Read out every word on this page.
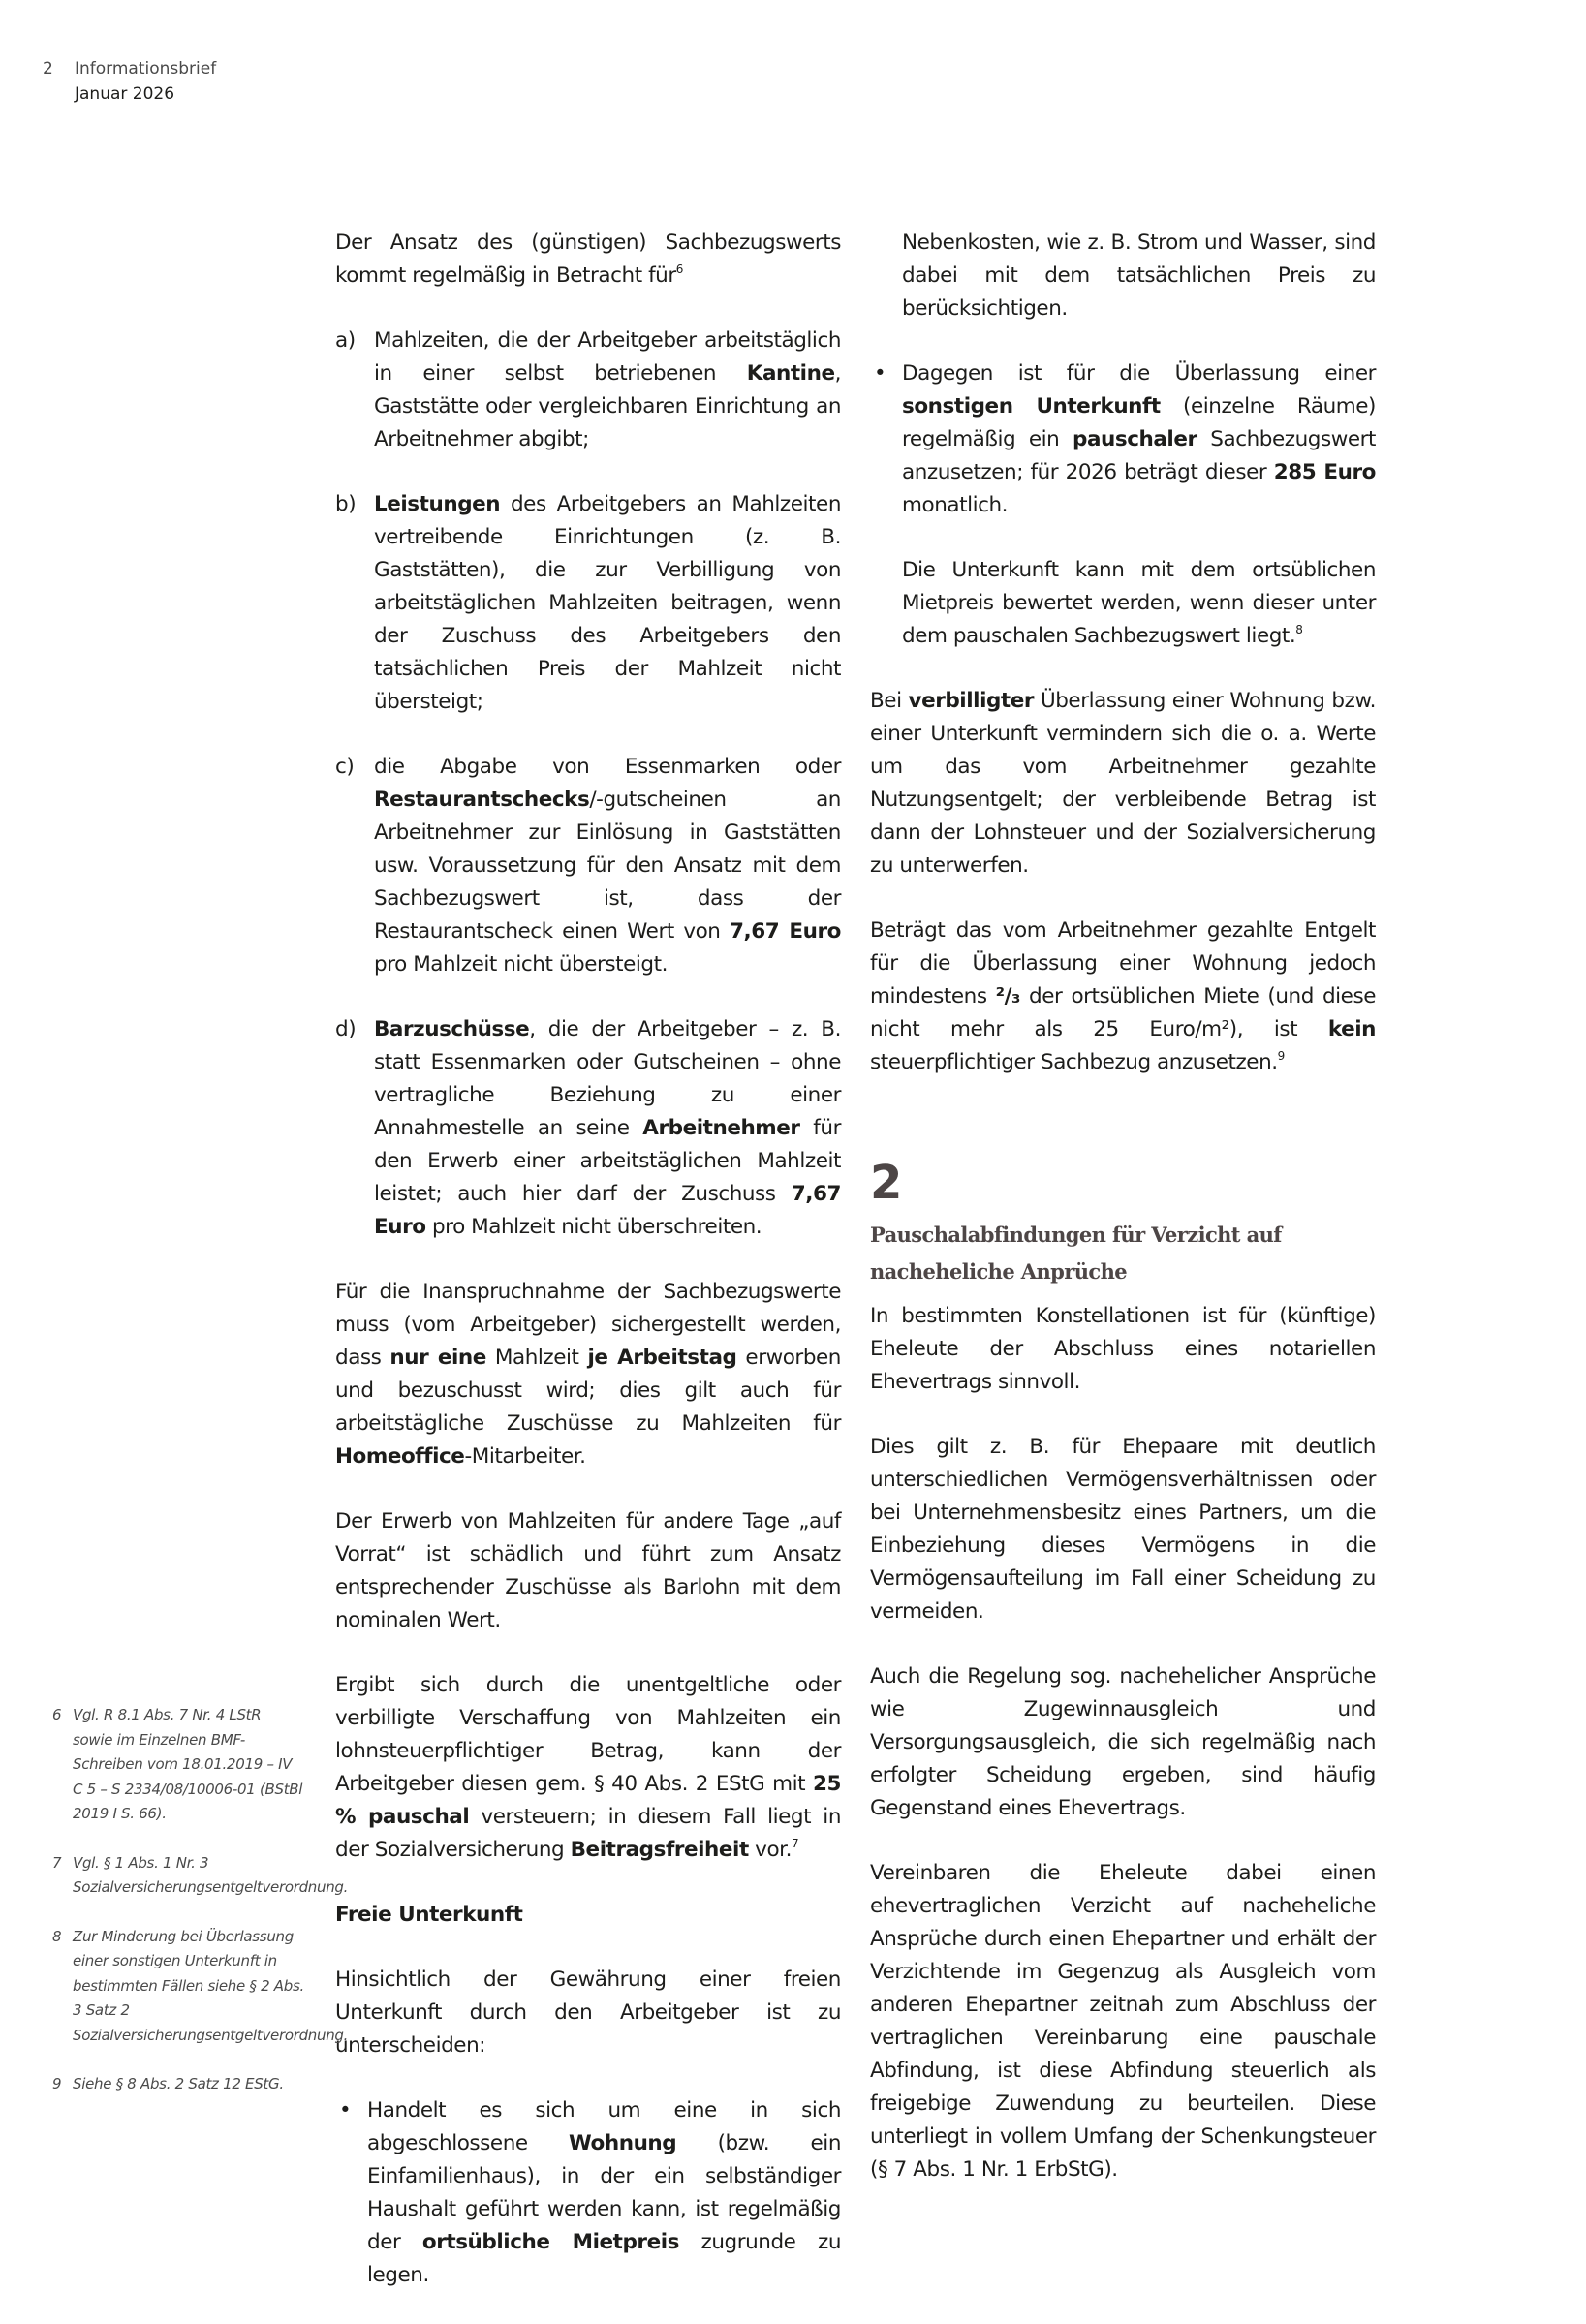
2 Informationsbrief
Januar 2026

Der Ansatz des (günstigen) Sachbezugswerts kommt regelmäßig in Betracht für$^6$

a) Mahlzeiten, die der Arbeitgeber arbeitstäglich in einer selbst betriebenen Kantine, Gaststätte oder vergleichbaren Einrichtung an Arbeitnehmer abgibt;
b) Leistungen des Arbeitgebers an Mahlzeiten vertreibende Einrichtungen (z. B. Gaststätten), die zur Verbilligung von arbeitstäglichen Mahlzeiten beitragen, wenn der Zuschuss des Arbeitgebers den tatsächlichen Preis der Mahlzeit nicht übersteigt;
c) die Abgabe von Essenmarken oder Restaurantschecks/-gutscheinen an Arbeitnehmer zur Einlösung in Gaststätten usw. Voraussetzung für den Ansatz mit dem Sachbezugswert ist, dass der Restaurantscheck einen Wert von 7,67 Euro pro Mahlzeit nicht übersteigt.
d) Barzuschüsse, die der Arbeitgeber – z. B. statt Essenmarken oder Gutscheinen – ohne vertragliche Beziehung zu einer Annahmestelle an seine Arbeitnehmer für den Erwerb einer arbeitstäglichen Mahlzeit leistet; auch hier darf der Zuschuss 7,67 Euro pro Mahlzeit nicht überschreiten.

Für die Inanspruchnahme der Sachbezugswerte muss (vom Arbeitgeber) sichergestellt werden, dass nur eine Mahlzeit je Arbeitstag erworben und bezuschusst wird; dies gilt auch für arbeitstägliche Zuschüsse zu Mahlzeiten für Homeoffice-Mitarbeiter.

Der Erwerb von Mahlzeiten für andere Tage „auf Vorrat“ ist schädlich und führt zum Ansatz entsprechender Zuschüsse als Barlohn mit dem nominalen Wert.

Ergibt sich durch die unentgeltliche oder verbilligte Verschaffung von Mahlzeiten ein lohnsteuerpflichtiger Betrag, kann der Arbeitgeber diesen gem. § 40 Abs. 2 EStG mit 25 % pauschal versteuern; in diesem Fall liegt in der Sozialversicherung Beitragsfreiheit vor.$^7$

Freie Unterkunft

Hinsichtlich der Gewährung einer freien Unterkunft durch den Arbeitgeber ist zu unterscheiden:

• Handelt es sich um eine in sich abgeschlossene Wohnung (bzw. ein Einfamilienhaus), in der ein selbständiger Haushalt geführt werden kann, ist regelmäßig der ortsübliche Mietpreis zugrunde zu legen.

Nebenkosten, wie z. B. Strom und Wasser, sind dabei mit dem tatsächlichen Preis zu berücksichtigen.

• Dagegen ist für die Überlassung einer sonstigen Unterkunft (einzelne Räume) regelmäßig ein pauschaler Sachbezugswert anzusetzen; für 2026 beträgt dieser 285 Euro monatlich.

Die Unterkunft kann mit dem ortsüblichen Mietpreis bewertet werden, wenn dieser unter dem pauschalen Sachbezugswert liegt.$^8$

Bei verbilligter Überlassung einer Wohnung bzw. einer Unterkunft vermindern sich die o. a. Werte um das vom Arbeitnehmer gezahlte Nutzungsentgelt; der verbleibende Betrag ist dann der Lohnsteuer und der Sozialversicherung zu unterwerfen.

Beträgt das vom Arbeitnehmer gezahlte Entgelt für die Überlassung einer Wohnung jedoch mindestens ²/₃ der ortsüblichen Miete (und diese nicht mehr als 25 Euro/m²), ist kein steuerpflichtiger Sachbezug anzusetzen.$^9$

2
Pauschalabfindungen für Verzicht auf nacheheliche Anprüche

In bestimmten Konstellationen ist für (künftige) Eheleute der Abschluss eines notariellen Ehevertrags sinnvoll.

Dies gilt z. B. für Ehepaare mit deutlich unterschiedlichen Vermögensverhältnissen oder bei Unternehmensbesitz eines Partners, um die Einbeziehung dieses Vermögens in die Vermögensaufteilung im Fall einer Scheidung zu vermeiden.

Auch die Regelung sog. nachehelicher Ansprüche wie Zugewinnausgleich und Versorgungsausgleich, die sich regelmäßig nach erfolgter Scheidung ergeben, sind häufig Gegenstand eines Ehevertrags.

Vereinbaren die Eheleute dabei einen ehevertraglichen Verzicht auf nacheheliche Ansprüche durch einen Ehepartner und erhält der Verzichtende im Gegenzug als Ausgleich vom anderen Ehepartner zeitnah zum Abschluss der vertraglichen Vereinbarung eine pauschale Abfindung, ist diese Abfindung steuerlich als freigebige Zuwendung zu beurteilen. Diese unterliegt in vollem Umfang der Schenkungsteuer (§ 7 Abs. 1 Nr. 1 ErbStG).

6 Vgl. R 8.1 Abs. 7 Nr. 4 LStR sowie im Einzelnen BMF-Schreiben vom 18.01.2019 – IV C 5 – S 2334/08/10006-01 (BStBl 2019 I S. 66).
7 Vgl. § 1 Abs. 1 Nr. 3 Sozialversicherungsentgeltverordnung.
8 Zur Minderung bei Überlassung einer sonstigen Unterkunft in bestimmten Fällen siehe § 2 Abs. 3 Satz 2 Sozialversicherungsentgeltverordnung.
9 Siehe § 8 Abs. 2 Satz 12 EStG.
